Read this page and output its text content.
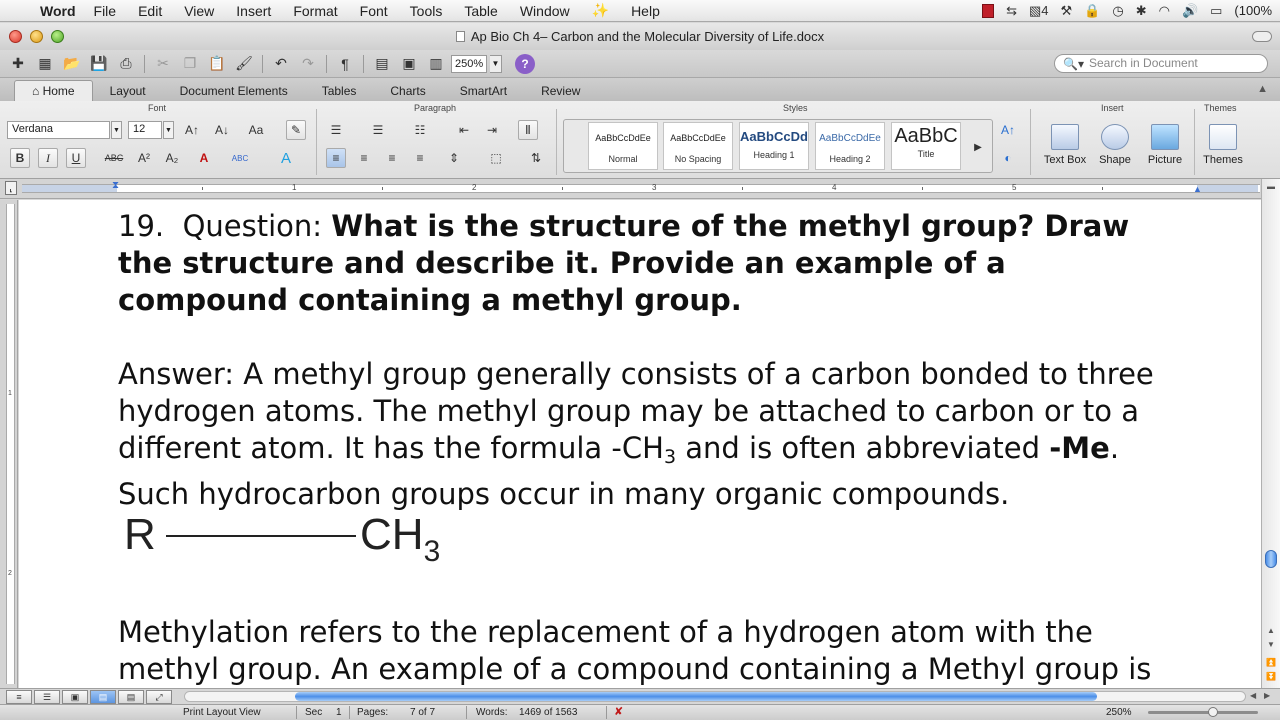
Word File Edit View Insert Format Font Tools Table Window ✨ Help	⇆ ▧4 ⚒ 🔒 ◷ ✱ ◠ 🔊 ▭ (100%
Ap Bio Ch 4– Carbon and the Molecular Diversity of Life.docx
✚	▦ 📂 💾 ⎙	✂	❐ 📋 🖌	↶	↷	¶	▤ ▣ ▥	250%	▼	?	🔍▾ Search in Document
⌂ Home	Layout	Document Elements	Tables	Charts	SmartArt	Review	▲
Font
Verdana	▼	12	▼ A↑ A↓ Aa	✎
B	I	U	ABC	A²	A₂	A	ABC	A
Paragraph
☰	☰	☷	⇤	⇥	Ⅱ
≡	≡	≡	≡	⇕	⬚	⇅
Styles
AaBbCcDdEe
Normal
AaBbCcDdEe
No Spacing
AaBbCcDd
Heading 1
AaBbCcDdEe
Heading 2
AaBbC
Title
▶
A↑
◐
Insert
Text Box	Shape	Picture
Themes
Themes
⸤	1	2	3	4	5
⧗	▲
1
2

19. Question: What is the structure of the methyl group? Draw

the structure and describe it. Provide an example of a

compound containing a methyl group.

Answer: A methyl group generally consists of a carbon bonded to three

hydrogen atoms. The methyl group may be attached to carbon or to a

different atom. It has the formula $-CH_3$ and is often abbreviated -Me.

Such hydrocarbon groups occur in many organic compounds.

R	$CH_3$

Methylation refers to the replacement of a hydrogen atom with the

methyl group. An example of a compound containing a Methyl group is

▬
▲
▼
⏫
⏬
≡	☰	▣	▤	▤	⤢	◀ ▶
Print Layout View	Sec 1 Pages: 7 of 7	Words: 1469 of 1563	✘	250%
